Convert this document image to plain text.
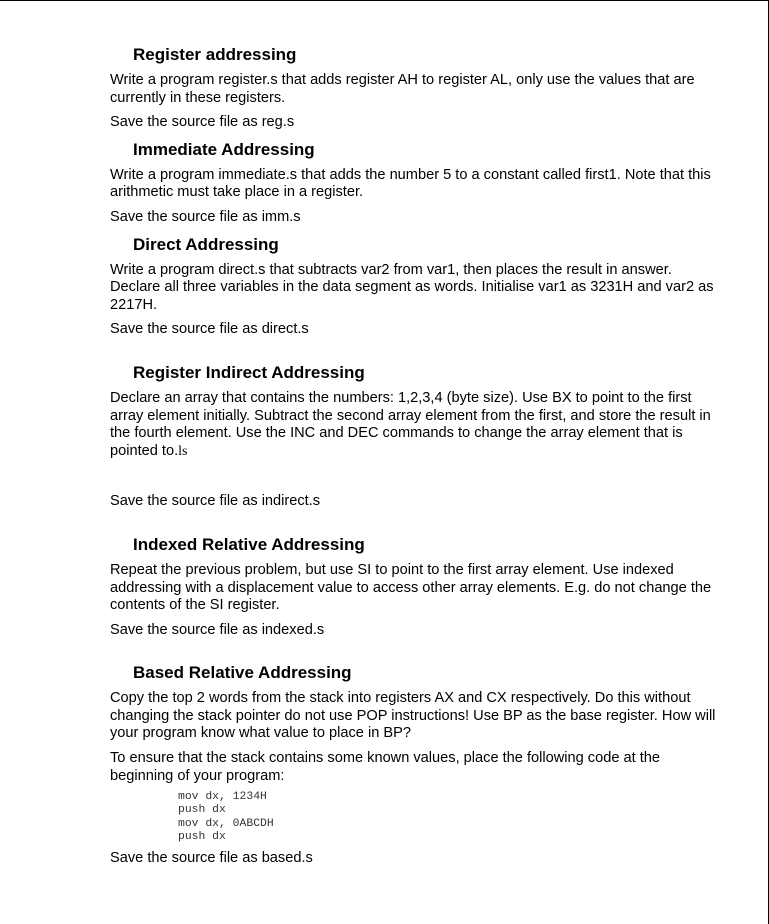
Register addressing

Write a program register.s that adds register AH to register AL, only use the values that are currently in these registers.

Save the source file as reg.s

Immediate Addressing

Write a program immediate.s that adds the number 5 to a constant called first1. Note that this arithmetic must take place in a register.

Save the source file as imm.s

Direct Addressing

Write a program direct.s that subtracts var2 from var1, then places the result in answer. Declare all three variables in the data segment as words. Initialise var1 as 3231H and var2 as 2217H.

Save the source file as direct.s

Register Indirect Addressing

Declare an array that contains the numbers: 1,2,3,4 (byte size). Use BX to point to the first array element initially. Subtract the second array element from the first, and store the result in the fourth element. Use the INC and DEC commands to change the array element that is pointed to.ls

Save the source file as indirect.s

Indexed Relative Addressing

Repeat the previous problem, but use SI to point to the first array element. Use indexed addressing with a displacement value to access other array elements. E.g. do not change the contents of the SI register.

Save the source file as indexed.s

Based Relative Addressing

Copy the top 2 words from the stack into registers AX and CX respectively. Do this without changing the stack pointer do not use POP instructions! Use BP as the base register. How will your program know what value to place in BP?

To ensure that the stack contains some known values, place the following code at the beginning of your program:

mov dx, 1234H
push dx
mov dx, 0ABCDH
push dx

Save the source file as based.s
